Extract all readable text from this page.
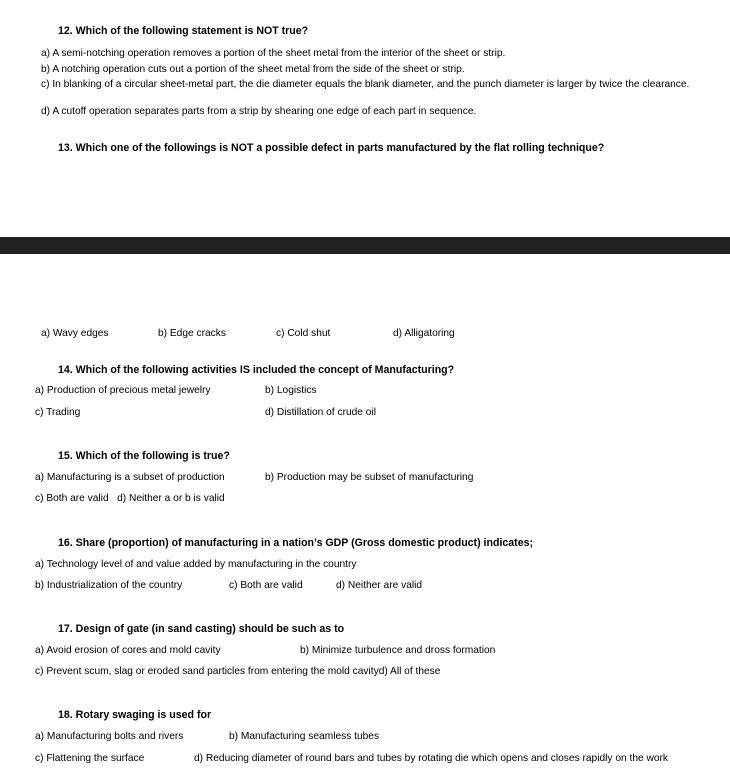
12. Which of the following statement is NOT true?
a) A semi-notching operation removes a portion of the sheet metal from the interior of the sheet or strip.
b) A notching operation cuts out a portion of the sheet metal from the side of the sheet or strip.
c) In blanking of a circular sheet-metal part, the die diameter equals the blank diameter, and the punch diameter is larger by twice the clearance.
d) A cutoff operation separates parts from a strip by shearing one edge of each part in sequence.
13. Which one of the followings is NOT a possible defect in parts manufactured by the flat rolling technique?
a) Wavy edges	b) Edge cracks	c) Cold shut	d) Alligatoring
14. Which of the following activities IS included the concept of Manufacturing?
a) Production of precious metal jewelry	b) Logistics
c) Trading	d) Distillation of crude oil
15. Which of the following is true?
a) Manufacturing is a subset of production	b) Production may be subset of manufacturing
c) Both are valid   d) Neither a or b is valid
16. Share (proportion) of manufacturing in a nation’s GDP (Gross domestic product) indicates;
a) Technology level of and value added by manufacturing in the country
b) Industrialization of the country	c) Both are valid	d) Neither are valid
17. Design of gate (in sand casting) should be such as to
a) Avoid erosion of cores and mold cavity	b) Minimize turbulence and dross formation
c) Prevent scum, slag or eroded sand particles from entering the mold cavityd) All of these
18. Rotary swaging is used for
a) Manufacturing bolts and rivers	b) Manufacturing seamless tubes
c) Flattening the surface	d) Reducing diameter of round bars and tubes by rotating die which opens and closes rapidly on the work
